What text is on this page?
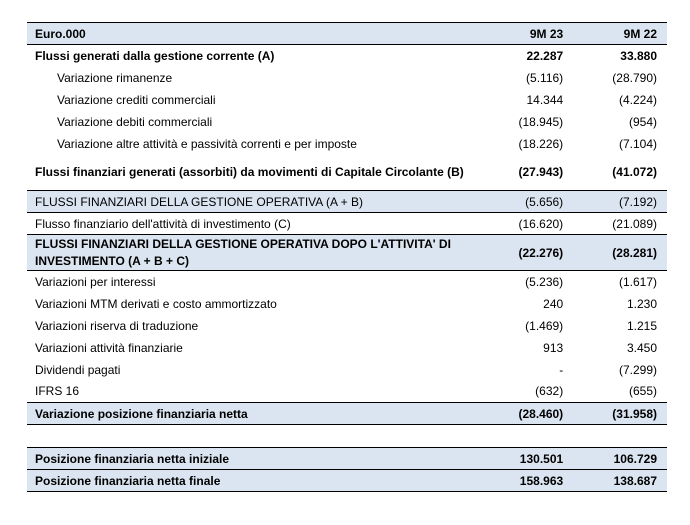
Euro.000	9M 23	9M 22
Flussi generati dalla gestione corrente (A)	22.287	33.880
Variazione rimanenze	(5.116)	(28.790)
Variazione crediti commerciali	14.344	(4.224)
Variazione debiti commerciali	(18.945)	(954)
Variazione altre attività e passività correnti e per imposte	(18.226)	(7.104)
Flussi finanziari generati (assorbiti) da movimenti di Capitale Circolante (B)	(27.943)	(41.072)
FLUSSI FINANZIARI DELLA GESTIONE OPERATIVA (A + B)	(5.656)	(7.192)
Flusso finanziario dell'attività di investimento (C)	(16.620)	(21.089)
FLUSSI FINANZIARI DELLA GESTIONE OPERATIVA DOPO L'ATTIVITA' DI INVESTIMENTO (A + B + C)	(22.276)	(28.281)
Variazioni per interessi	(5.236)	(1.617)
Variazioni MTM derivati e costo ammortizzato	240	1.230
Variazioni riserva di traduzione	(1.469)	1.215
Variazioni attività finanziarie	913	3.450
Dividendi pagati	-	(7.299)
IFRS 16	(632)	(655)
Variazione posizione finanziaria netta	(28.460)	(31.958)

Posizione finanziaria netta iniziale	130.501	106.729
Posizione finanziaria netta finale	158.963	138.687
